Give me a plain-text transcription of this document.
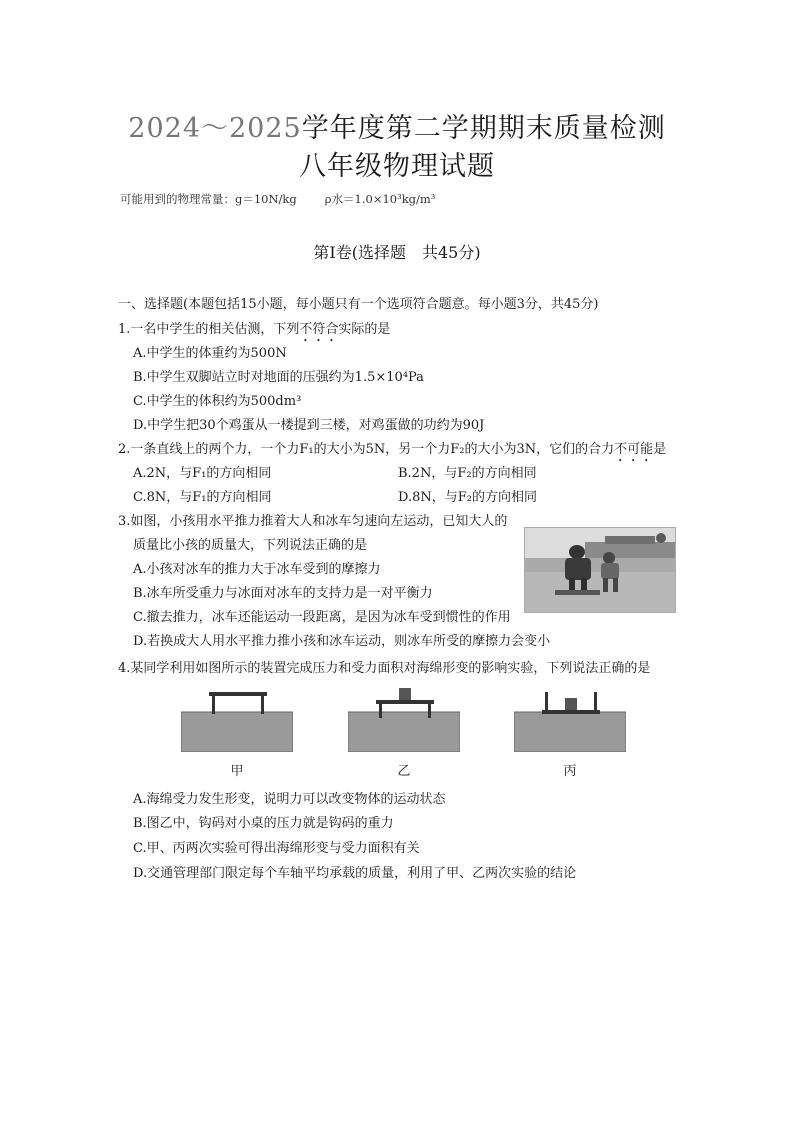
2024～2025学年度第二学期期末质量检测
八年级物理试题
可能用到的物理常量：g＝10N/kg ρ水＝1.0×10³kg/m³
第Ⅰ卷(选择题　共45分)
一、选择题(本题包括15小题，每小题只有一个选项符合题意。每小题3分，共45分)
1.一名中学生的相关估测，下列不符合实际的是
A.中学生的体重约为500N
B.中学生双脚站立时对地面的压强约为1.5×10⁴Pa
C.中学生的体积约为500dm³
D.中学生把30个鸡蛋从一楼提到三楼，对鸡蛋做的功约为90J
2.一条直线上的两个力，一个力F₁的大小为5N，另一个力F₂的大小为3N，它们的合力不可能是
A.2N，与F₁的方向相同	B.2N，与F₂的方向相同
C.8N，与F₁的方向相同	D.8N，与F₂的方向相同
3.如图，小孩用水平推力推着大人和冰车匀速向左运动，已知大人的
质量比小孩的质量大，下列说法正确的是
A.小孩对冰车的推力大于冰车受到的摩擦力
B.冰车所受重力与冰面对冰车的支持力是一对平衡力
C.撤去推力，冰车还能运动一段距离，是因为冰车受到惯性的作用
D.若换成大人用水平推力推小孩和冰车运动，则冰车所受的摩擦力会变小
4.某同学利用如图所示的装置完成压力和受力面积对海绵形变的影响实验，下列说法正确的是
甲	乙	丙
A.海绵受力发生形变，说明力可以改变物体的运动状态
B.图乙中，钩码对小桌的压力就是钩码的重力
C.甲、丙两次实验可得出海绵形变与受力面积有关
D.交通管理部门限定每个车轴平均承载的质量，利用了甲、乙两次实验的结论
